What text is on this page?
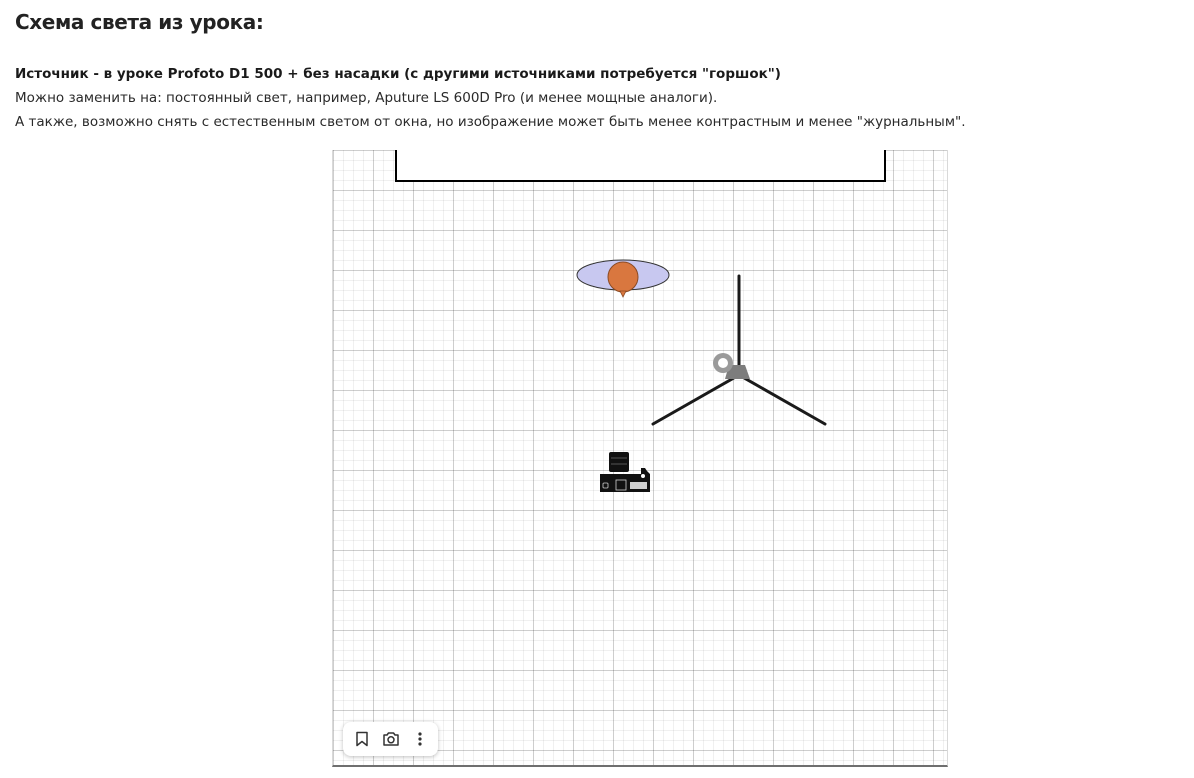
Схема света из урока:
Источник - в уроке Profoto D1 500 + без насадки (с другими источниками потребуется "горшок")
Можно заменить на: постоянный свет, например, Aputure LS 600D Pro (и менее мощные аналоги).
А также, возможно снять с естественным светом от окна, но изображение может быть менее контрастным и менее "журнальным".
